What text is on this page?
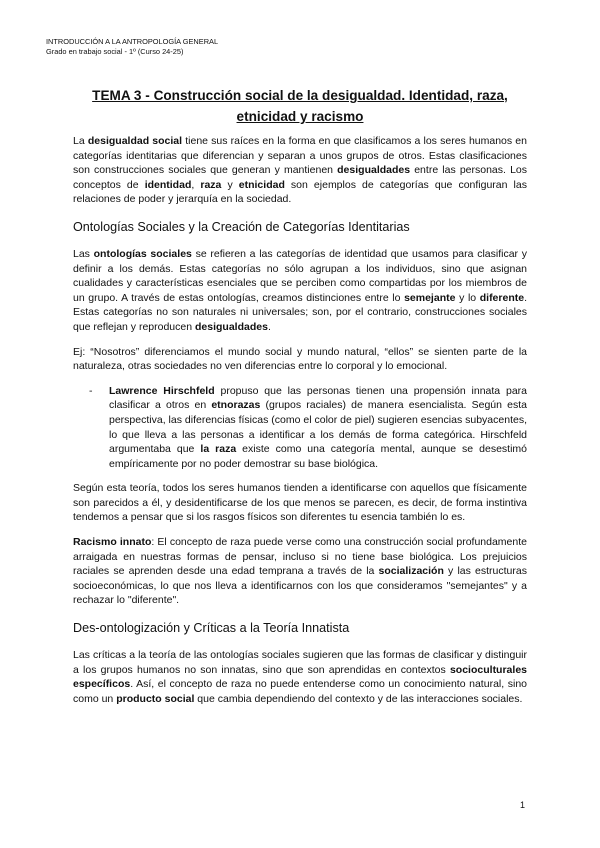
INTRODUCCIÓN A LA ANTROPOLOGÍA GENERAL
Grado en trabajo social - 1º (Curso 24-25)
TEMA 3 - Construcción social de la desigualdad. Identidad, raza,
etnicidad y racismo

La desigualdad social tiene sus raíces en la forma en que clasificamos a los seres humanos en categorías identitarias que diferencian y separan a unos grupos de otros. Estas clasificaciones son construcciones sociales que generan y mantienen desigualdades entre las personas. Los conceptos de identidad, raza y etnicidad son ejemplos de categorías que configuran las relaciones de poder y jerarquía en la sociedad.

Ontologías Sociales y la Creación de Categorías Identitarias

Las ontologías sociales se refieren a las categorías de identidad que usamos para clasificar y definir a los demás. Estas categorías no sólo agrupan a los individuos, sino que asignan cualidades y características esenciales que se perciben como compartidas por los miembros de un grupo. A través de estas ontologías, creamos distinciones entre lo semejante y lo diferente. Estas categorías no son naturales ni universales; son, por el contrario, construcciones sociales que reflejan y reproducen desigualdades.

Ej: “Nosotros” diferenciamos el mundo social y mundo natural, “ellos” se sienten parte de la naturaleza, otras sociedades no ven diferencias entre lo corporal y lo emocional.

- Lawrence Hirschfeld propuso que las personas tienen una propensión innata para clasificar a otros en etnorazas (grupos raciales) de manera esencialista. Según esta perspectiva, las diferencias físicas (como el color de piel) sugieren esencias subyacentes, lo que lleva a las personas a identificar a los demás de forma categórica. Hirschfeld argumentaba que la raza existe como una categoría mental, aunque se desestimó empíricamente por no poder demostrar su base biológica.

Según esta teoría, todos los seres humanos tienden a identificarse con aquellos que físicamente son parecidos a él, y desidentificarse de los que menos se parecen, es decir, de forma instintiva tendemos a pensar que si los rasgos físicos son diferentes tu esencia también lo es.

Racismo innato: El concepto de raza puede verse como una construcción social profundamente arraigada en nuestras formas de pensar, incluso si no tiene base biológica. Los prejuicios raciales se aprenden desde una edad temprana a través de la socialización y las estructuras socioeconómicas, lo que nos lleva a identificarnos con los que consideramos "semejantes" y a rechazar lo "diferente".

Des-ontologización y Críticas a la Teoría Innatista

Las críticas a la teoría de las ontologías sociales sugieren que las formas de clasificar y distinguir a los grupos humanos no son innatas, sino que son aprendidas en contextos socioculturales específicos. Así, el concepto de raza no puede entenderse como un conocimiento natural, sino como un producto social que cambia dependiendo del contexto y de las interacciones sociales.

1
